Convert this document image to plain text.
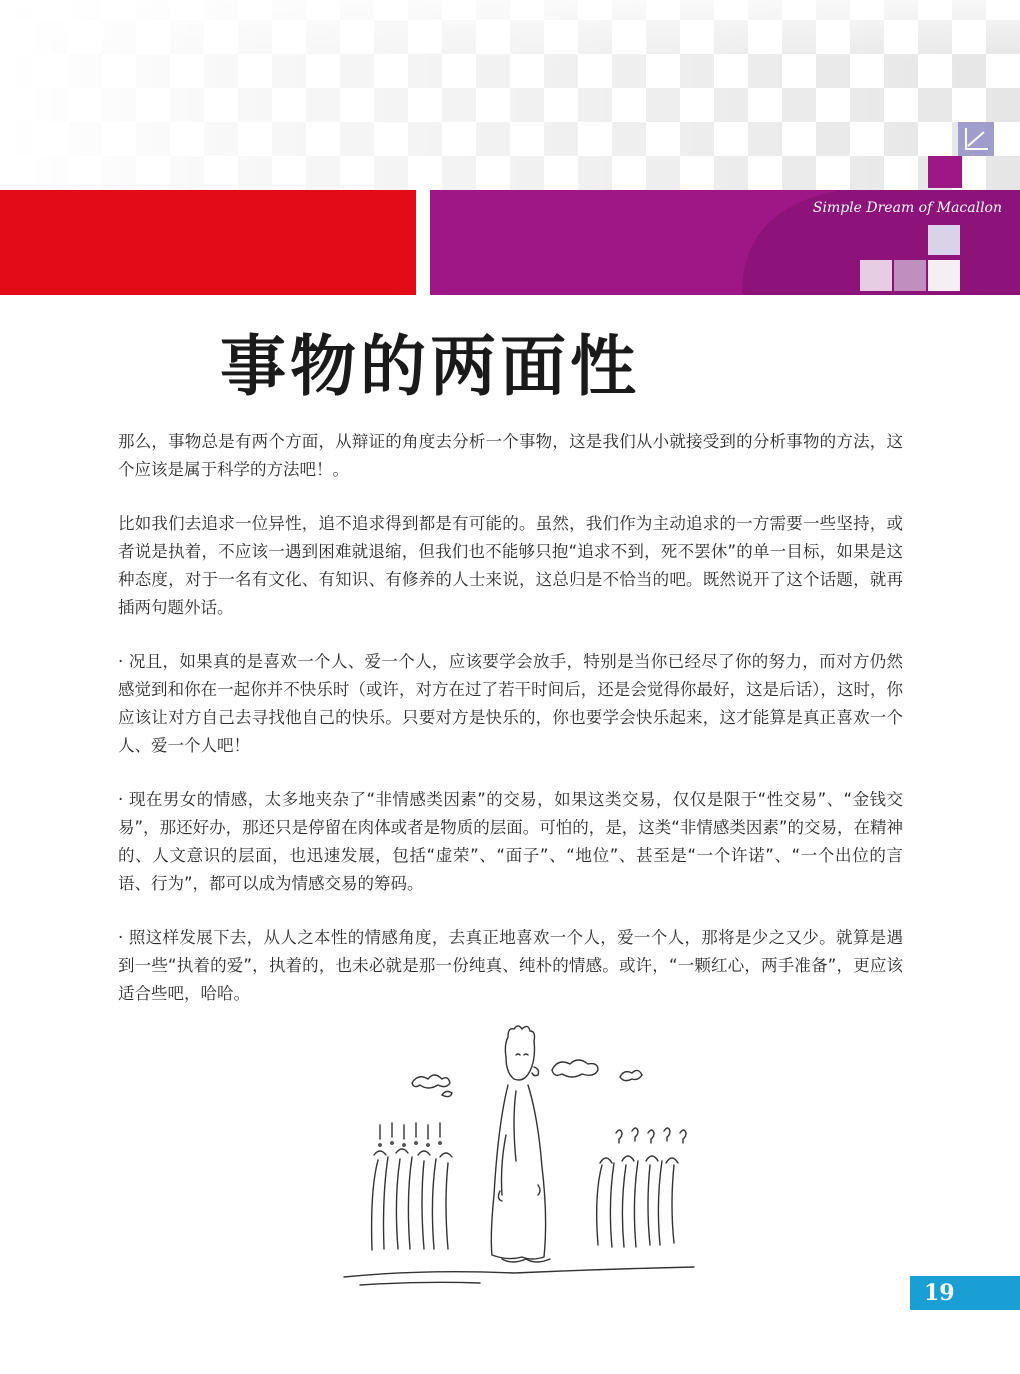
Simple Dream of Macallon
事物的两面性

那么，事物总是有两个方面，从辩证的角度去分析一个事物，这是我们从小就接受到的分析事物的方法，这个应该是属于科学的方法吧！。

比如我们去追求一位异性，追不追求得到都是有可能的。虽然，我们作为主动追求的一方需要一些坚持，或者说是执着，不应该一遇到困难就退缩，但我们也不能够只抱“追求不到，死不罢休”的单一目标，如果是这种态度，对于一名有文化、有知识、有修养的人士来说，这总归是不恰当的吧。既然说开了这个话题，就再插两句题外话。

· 况且，如果真的是喜欢一个人、爱一个人，应该要学会放手，特别是当你已经尽了你的努力，而对方仍然感觉到和你在一起你并不快乐时（或许，对方在过了若干时间后，还是会觉得你最好，这是后话），这时，你应该让对方自己去寻找他自己的快乐。只要对方是快乐的，你也要学会快乐起来，这才能算是真正喜欢一个人、爱一个人吧！

· 现在男女的情感，太多地夹杂了“非情感类因素”的交易，如果这类交易，仅仅是限于“性交易”、“金钱交易”，那还好办，那还只是停留在肉体或者是物质的层面。可怕的，是，这类“非情感类因素”的交易，在精神的、人文意识的层面，也迅速发展，包括“虚荣”、“面子”、“地位”、甚至是“一个许诺”、“一个出位的言语、行为”，都可以成为情感交易的筹码。

· 照这样发展下去，从人之本性的情感角度，去真正地喜欢一个人，爱一个人，那将是少之又少。就算是遇到一些“执着的爱”，执着的，也未必就是那一份纯真、纯朴的情感。或许，“一颗红心，两手准备”，更应该适合些吧，哈哈。

19
